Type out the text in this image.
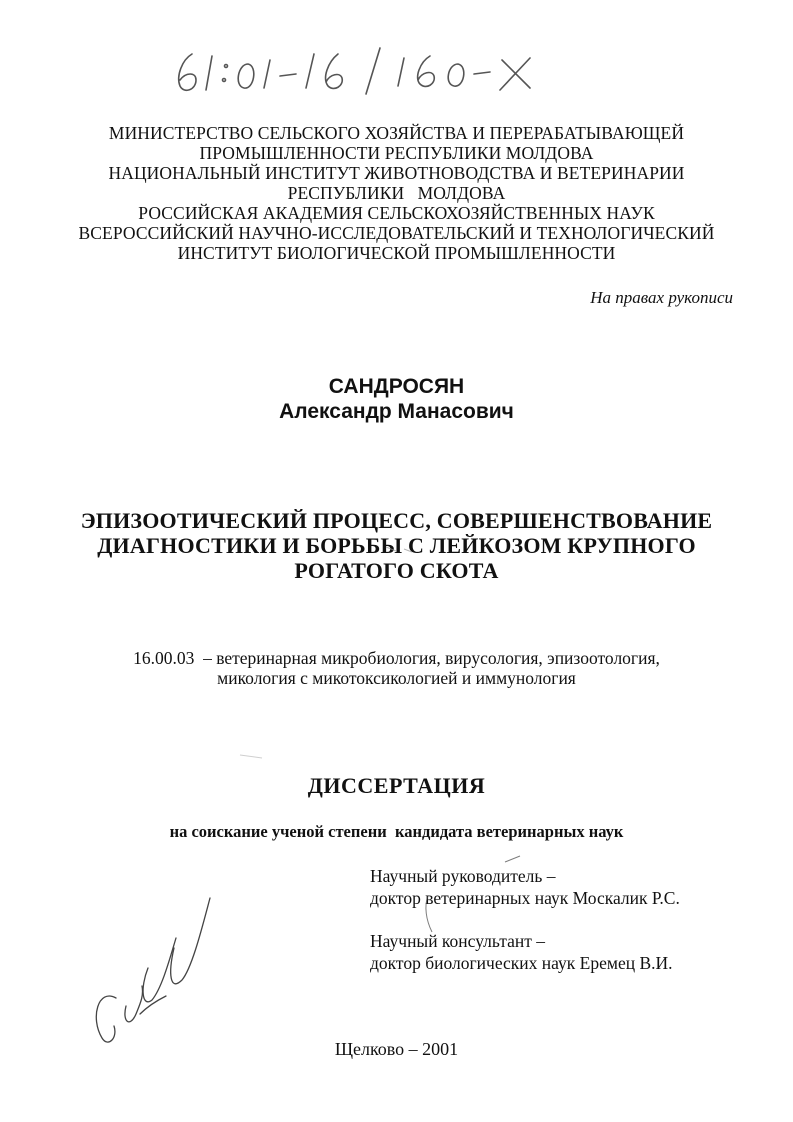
МИНИСТЕРСТВО СЕЛЬСКОГО ХОЗЯЙСТВА И ПЕРЕРАБАТЫВАЮЩЕЙ
ПРОМЫШЛЕННОСТИ РЕСПУБЛИКИ МОЛДОВА
НАЦИОНАЛЬНЫЙ ИНСТИТУТ ЖИВОТНОВОДСТВА И ВЕТЕРИНАРИИ
РЕСПУБЛИКИ   МОЛДОВА
РОССИЙСКАЯ АКАДЕМИЯ СЕЛЬСКОХОЗЯЙСТВЕННЫХ НАУК
ВСЕРОССИЙСКИЙ НАУЧНО-ИССЛЕДОВАТЕЛЬСКИЙ И ТЕХНОЛОГИЧЕСКИЙ
ИНСТИТУТ БИОЛОГИЧЕСКОЙ ПРОМЫШЛЕННОСТИ
На правах рукописи
САНДРОСЯН
Александр Манасович
ЭПИЗООТИЧЕСКИЙ ПРОЦЕСС, СОВЕРШЕНСТВОВАНИЕ
ДИАГНОСТИКИ И БОРЬБЫ С ЛЕЙКОЗОМ КРУПНОГО
РОГАТОГО СКОТА
16.00.03  – ветеринарная микробиология, вирусология, эпизоотология,
микология с микотоксикологией и иммунология
ДИССЕРТАЦИЯ
на соискание ученой степени  кандидата ветеринарных наук
Научный руководитель –
доктор ветеринарных наук Москалик Р.С.
Научный консультант –
доктор биологических наук Еремец В.И.
Щелково – 2001
